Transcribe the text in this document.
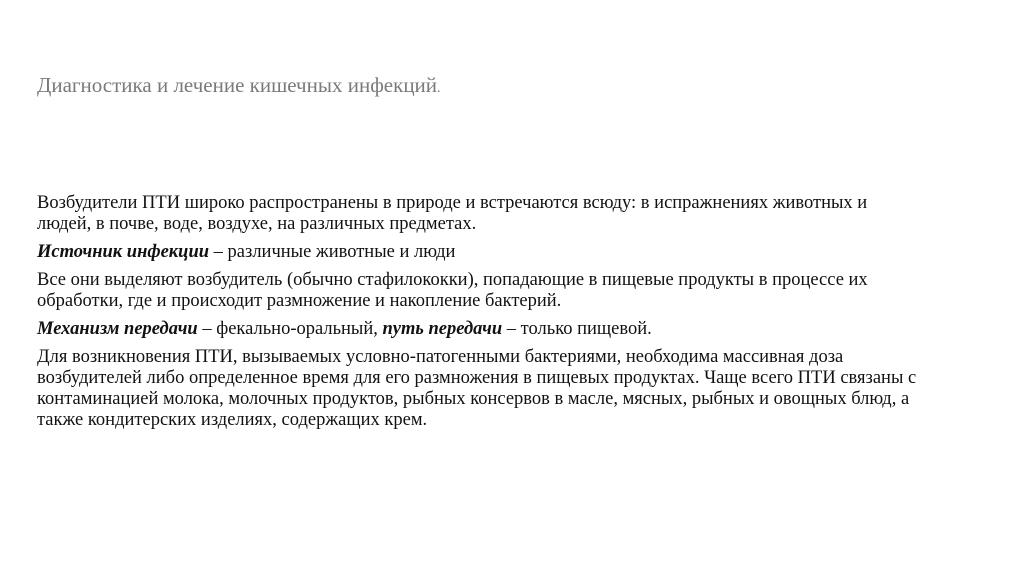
Диагностика и лечение кишечных инфекций.

Возбудители ПТИ широко распространены в природе и встречаются всюду: в испражнениях животных и людей, в почве, воде, воздухе, на различных предметах.

Источник инфекции – различные животные и люди

Все они выделяют возбудитель (обычно стафилококки), попадающие в пищевые продукты в процессе их обработки, где и происходит размножение и накопление бактерий.

Механизм передачи – фекально-оральный, путь передачи – только пищевой.

Для возникновения ПТИ, вызываемых условно-патогенными бактериями, необходима массивная доза возбудителей либо определенное время для его размножения в пищевых продуктах. Чаще всего ПТИ связаны с контаминацией молока, молочных продуктов, рыбных консервов в масле, мясных, рыбных и овощных блюд, а также кондитерских изделиях, содержащих крем.
